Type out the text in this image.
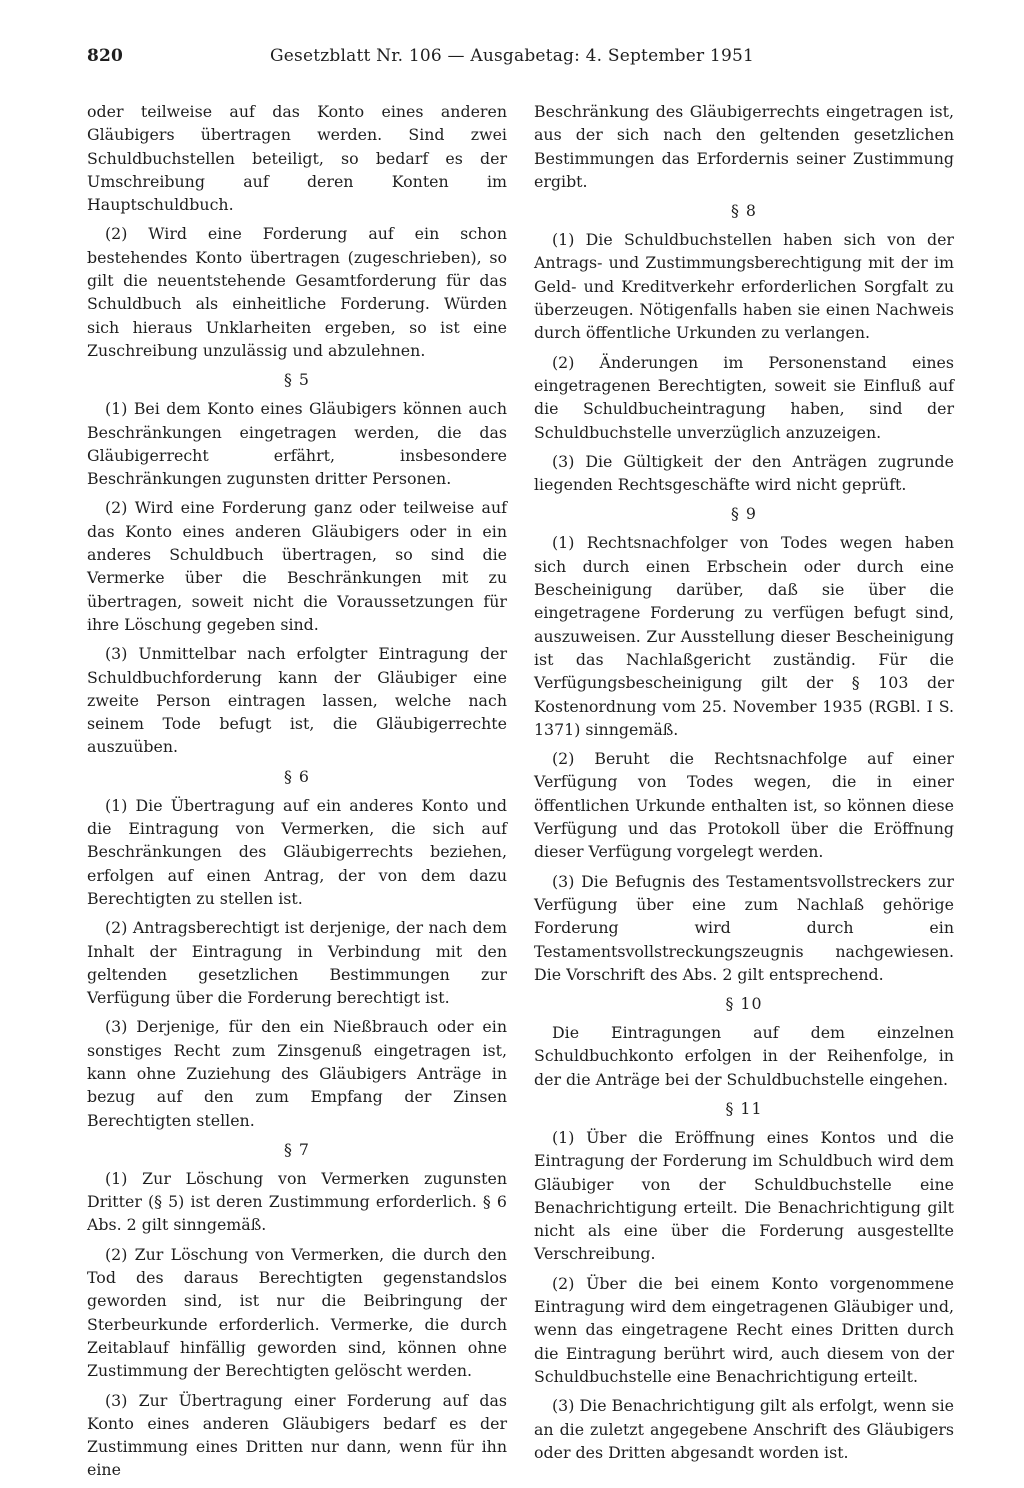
820	Gesetzblatt Nr. 106 — Ausgabetag: 4. September 1951

oder teilweise auf das Konto eines anderen Gläubigers übertragen werden. Sind zwei Schuldbuchstellen beteiligt, so bedarf es der Umschreibung auf deren Konten im Hauptschuldbuch.

(2) Wird eine Forderung auf ein schon bestehendes Konto übertragen (zugeschrieben), so gilt die neuentstehende Gesamtforderung für das Schuldbuch als einheitliche Forderung. Würden sich hieraus Unklarheiten ergeben, so ist eine Zuschreibung unzulässig und abzulehnen.

§ 5

(1) Bei dem Konto eines Gläubigers können auch Beschränkungen eingetragen werden, die das Gläubigerrecht erfährt, insbesondere Beschränkungen zugunsten dritter Personen.

(2) Wird eine Forderung ganz oder teilweise auf das Konto eines anderen Gläubigers oder in ein anderes Schuldbuch übertragen, so sind die Vermerke über die Beschränkungen mit zu übertragen, soweit nicht die Voraussetzungen für ihre Löschung gegeben sind.

(3) Unmittelbar nach erfolgter Eintragung der Schuldbuchforderung kann der Gläubiger eine zweite Person eintragen lassen, welche nach seinem Tode befugt ist, die Gläubigerrechte auszuüben.

§ 6

(1) Die Übertragung auf ein anderes Konto und die Eintragung von Vermerken, die sich auf Beschränkungen des Gläubigerrechts beziehen, erfolgen auf einen Antrag, der von dem dazu Berechtigten zu stellen ist.

(2) Antragsberechtigt ist derjenige, der nach dem Inhalt der Eintragung in Verbindung mit den geltenden gesetzlichen Bestimmungen zur Verfügung über die Forderung berechtigt ist.

(3) Derjenige, für den ein Nießbrauch oder ein sonstiges Recht zum Zinsgenuß eingetragen ist, kann ohne Zuziehung des Gläubigers Anträge in bezug auf den zum Empfang der Zinsen Berechtigten stellen.

§ 7

(1) Zur Löschung von Vermerken zugunsten Dritter (§ 5) ist deren Zustimmung erforderlich. § 6 Abs. 2 gilt sinngemäß.

(2) Zur Löschung von Vermerken, die durch den Tod des daraus Berechtigten gegenstandslos geworden sind, ist nur die Beibringung der Sterbeurkunde erforderlich. Vermerke, die durch Zeitablauf hinfällig geworden sind, können ohne Zustimmung der Berechtigten gelöscht werden.

(3) Zur Übertragung einer Forderung auf das Konto eines anderen Gläubigers bedarf es der Zustimmung eines Dritten nur dann, wenn für ihn eine

Beschränkung des Gläubigerrechts eingetragen ist, aus der sich nach den geltenden gesetzlichen Bestimmungen das Erfordernis seiner Zustimmung ergibt.

§ 8

(1) Die Schuldbuchstellen haben sich von der Antrags- und Zustimmungsberechtigung mit der im Geld- und Kreditverkehr erforderlichen Sorgfalt zu überzeugen. Nötigenfalls haben sie einen Nachweis durch öffentliche Urkunden zu verlangen.

(2) Änderungen im Personenstand eines eingetragenen Berechtigten, soweit sie Einfluß auf die Schuldbucheintragung haben, sind der Schuldbuchstelle unverzüglich anzuzeigen.

(3) Die Gültigkeit der den Anträgen zugrunde liegenden Rechtsgeschäfte wird nicht geprüft.

§ 9

(1) Rechtsnachfolger von Todes wegen haben sich durch einen Erbschein oder durch eine Bescheinigung darüber, daß sie über die eingetragene Forderung zu verfügen befugt sind, auszuweisen. Zur Ausstellung dieser Bescheinigung ist das Nachlaßgericht zuständig. Für die Verfügungsbescheinigung gilt der § 103 der Kostenordnung vom 25. November 1935 (RGBl. I S. 1371) sinngemäß.

(2) Beruht die Rechtsnachfolge auf einer Verfügung von Todes wegen, die in einer öffentlichen Urkunde enthalten ist, so können diese Verfügung und das Protokoll über die Eröffnung dieser Verfügung vorgelegt werden.

(3) Die Befugnis des Testamentsvollstreckers zur Verfügung über eine zum Nachlaß gehörige Forderung wird durch ein Testamentsvollstreckungszeugnis nachgewiesen. Die Vorschrift des Abs. 2 gilt entsprechend.

§ 10

Die Eintragungen auf dem einzelnen Schuldbuchkonto erfolgen in der Reihenfolge, in der die Anträge bei der Schuldbuchstelle eingehen.

§ 11

(1) Über die Eröffnung eines Kontos und die Eintragung der Forderung im Schuldbuch wird dem Gläubiger von der Schuldbuchstelle eine Benachrichtigung erteilt. Die Benachrichtigung gilt nicht als eine über die Forderung ausgestellte Verschreibung.

(2) Über die bei einem Konto vorgenommene Eintragung wird dem eingetragenen Gläubiger und, wenn das eingetragene Recht eines Dritten durch die Eintragung berührt wird, auch diesem von der Schuldbuchstelle eine Benachrichtigung erteilt.

(3) Die Benachrichtigung gilt als erfolgt, wenn sie an die zuletzt angegebene Anschrift des Gläubigers oder des Dritten abgesandt worden ist.
